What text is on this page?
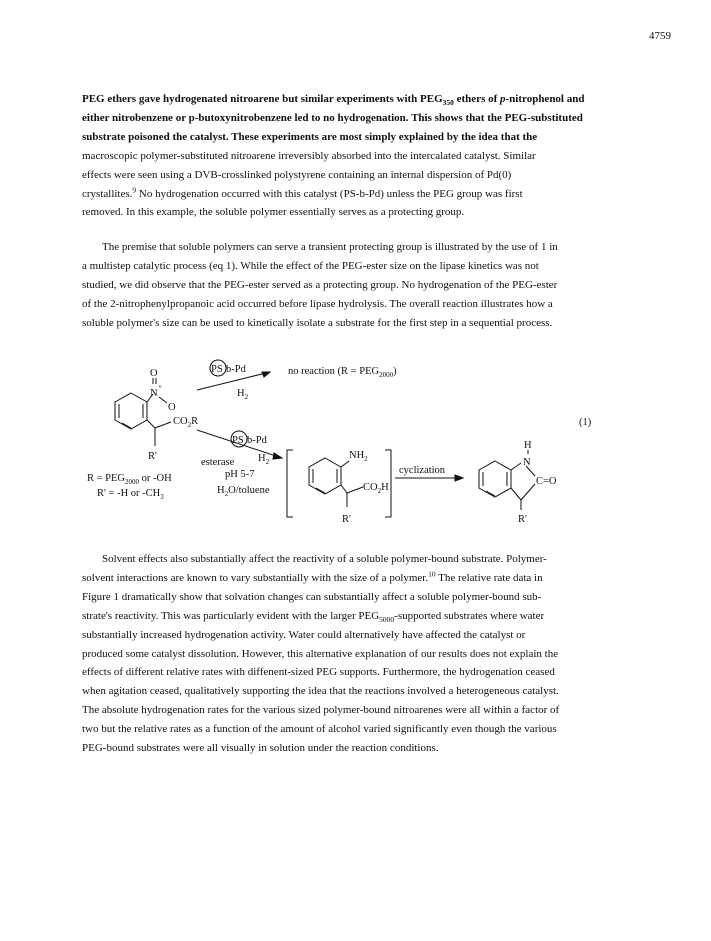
4759
PEG ethers gave hydrogenated nitroarene but similar experiments with $PEG_{350}$ ethers of p-nitrophenol and
either nitrobenzene or p-butoxynitrobenzene led to no hydrogenation. This shows that the PEG-substituted
substrate poisoned the catalyst. These experiments are most simply explained by the idea that the
macroscopic polymer-substituted nitroarene irreversibly absorbed into the intercalated catalyst. Similar
effects were seen using a DVB-crosslinked polystyrene containing an internal dispersion of Pd(0)
crystallites.$^9$ No hydrogenation occurred with this catalyst (PS-b-Pd) unless the PEG group was first
removed. In this example, the soluble polymer essentially serves as a protecting group.
The premise that soluble polymers can serve a transient protecting group is illustrated by the use of 1 in
a multistep catalytic process (eq 1). While the effect of the PEG-ester size on the lipase kinetics was not
studied, we did observe that the PEG-ester served as a protecting group. No hydrogenation of the PEG-ester
of the 2-nitrophenylpropanoic acid occurred before lipase hydrolysis. The overall reaction illustrates how a
soluble polymer's size can be used to kinetically isolate a substrate for the first step in a sequential process.
O
N
+
O
$CO_2R$
R'
$R = PEG_{2000}$ or -OH
R' = -H or $-CH_3$
PS b-Pd
$H_2$
no reaction $(R = PEG_{2000})$
PS b-Pd
esterase $H_2$
pH 5-7
$H_2O$/toluene
$NH_2$
$CO_2H$
R'
cyclization
H
N
C=O
R'
(1)
Solvent effects also substantially affect the reactivity of a soluble polymer-bound substrate. Polymer-
solvent interactions are known to vary substantially with the size of a polymer.$^{10}$ The relative rate data in
Figure 1 dramatically show that solvation changes can substantially affect a soluble polymer-bound sub-
strate's reactivity. This was particularly evident with the larger $PEG_{5000}$-supported substrates where water
substantially increased hydrogenation activity. Water could alternatively have affected the catalyst or
produced some catalyst dissolution. However, this alternative explanation of our results does not explain the
effects of different relative rates with diffenent-sized PEG supports. Furthermore, the hydrogenation ceased
when agitation ceased, qualitatively supporting the idea that the reactions involved a heterogeneous catalyst.
The absolute hydrogenation rates for the various sized polymer-bound nitroarenes were all within a factor of
two but the relative rates as a function of the amount of alcohol varied significantly even though the various
PEG-bound substrates were all visually in solution under the reaction conditions.
